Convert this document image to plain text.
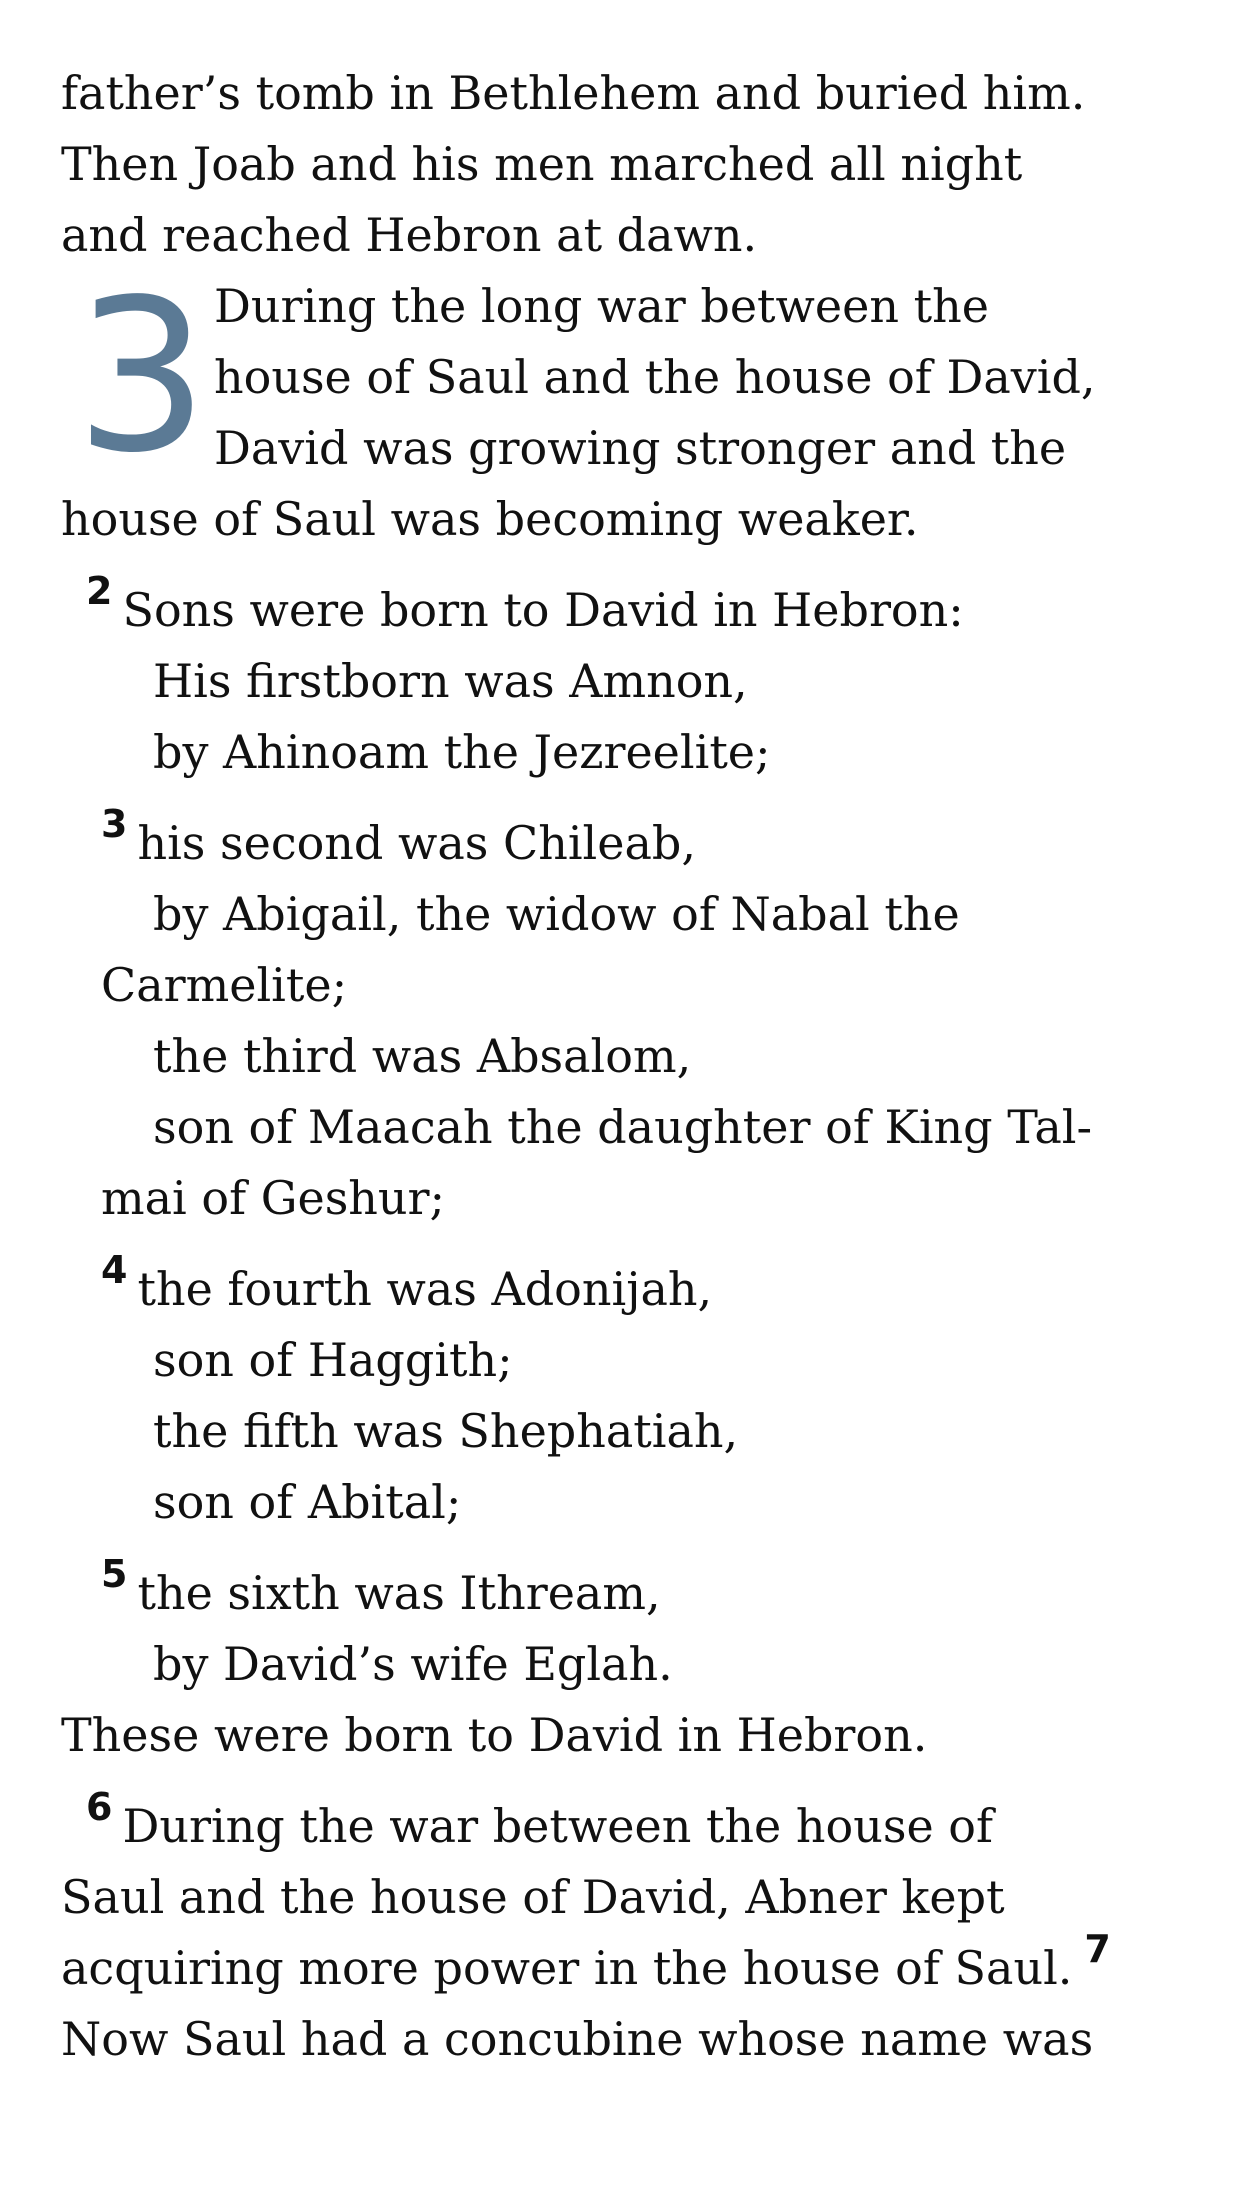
father’s tomb in Bethlehem and buried him.
Then Joab and his men marched all night
and reached Hebron at dawn.
3 During the long war between the
house of Saul and the house of David,
David was growing stronger and the
house of Saul was becoming weaker.
$^2$ Sons were born to David in Hebron:
His firstborn was Amnon,
by Ahinoam the Jezreelite;
$^3$ his second was Chileab,
by Abigail, the widow of Nabal the
Carmelite;
the third was Absalom,
son of Maacah the daughter of King Tal-
mai of Geshur;
$^4$ the fourth was Adonijah,
son of Haggith;
the fifth was Shephatiah,
son of Abital;
$^5$ the sixth was Ithream,
by David’s wife Eglah.
These were born to David in Hebron.
$^6$ During the war between the house of
Saul and the house of David, Abner kept
acquiring more power in the house of Saul. $^7$
Now Saul had a concubine whose name was
